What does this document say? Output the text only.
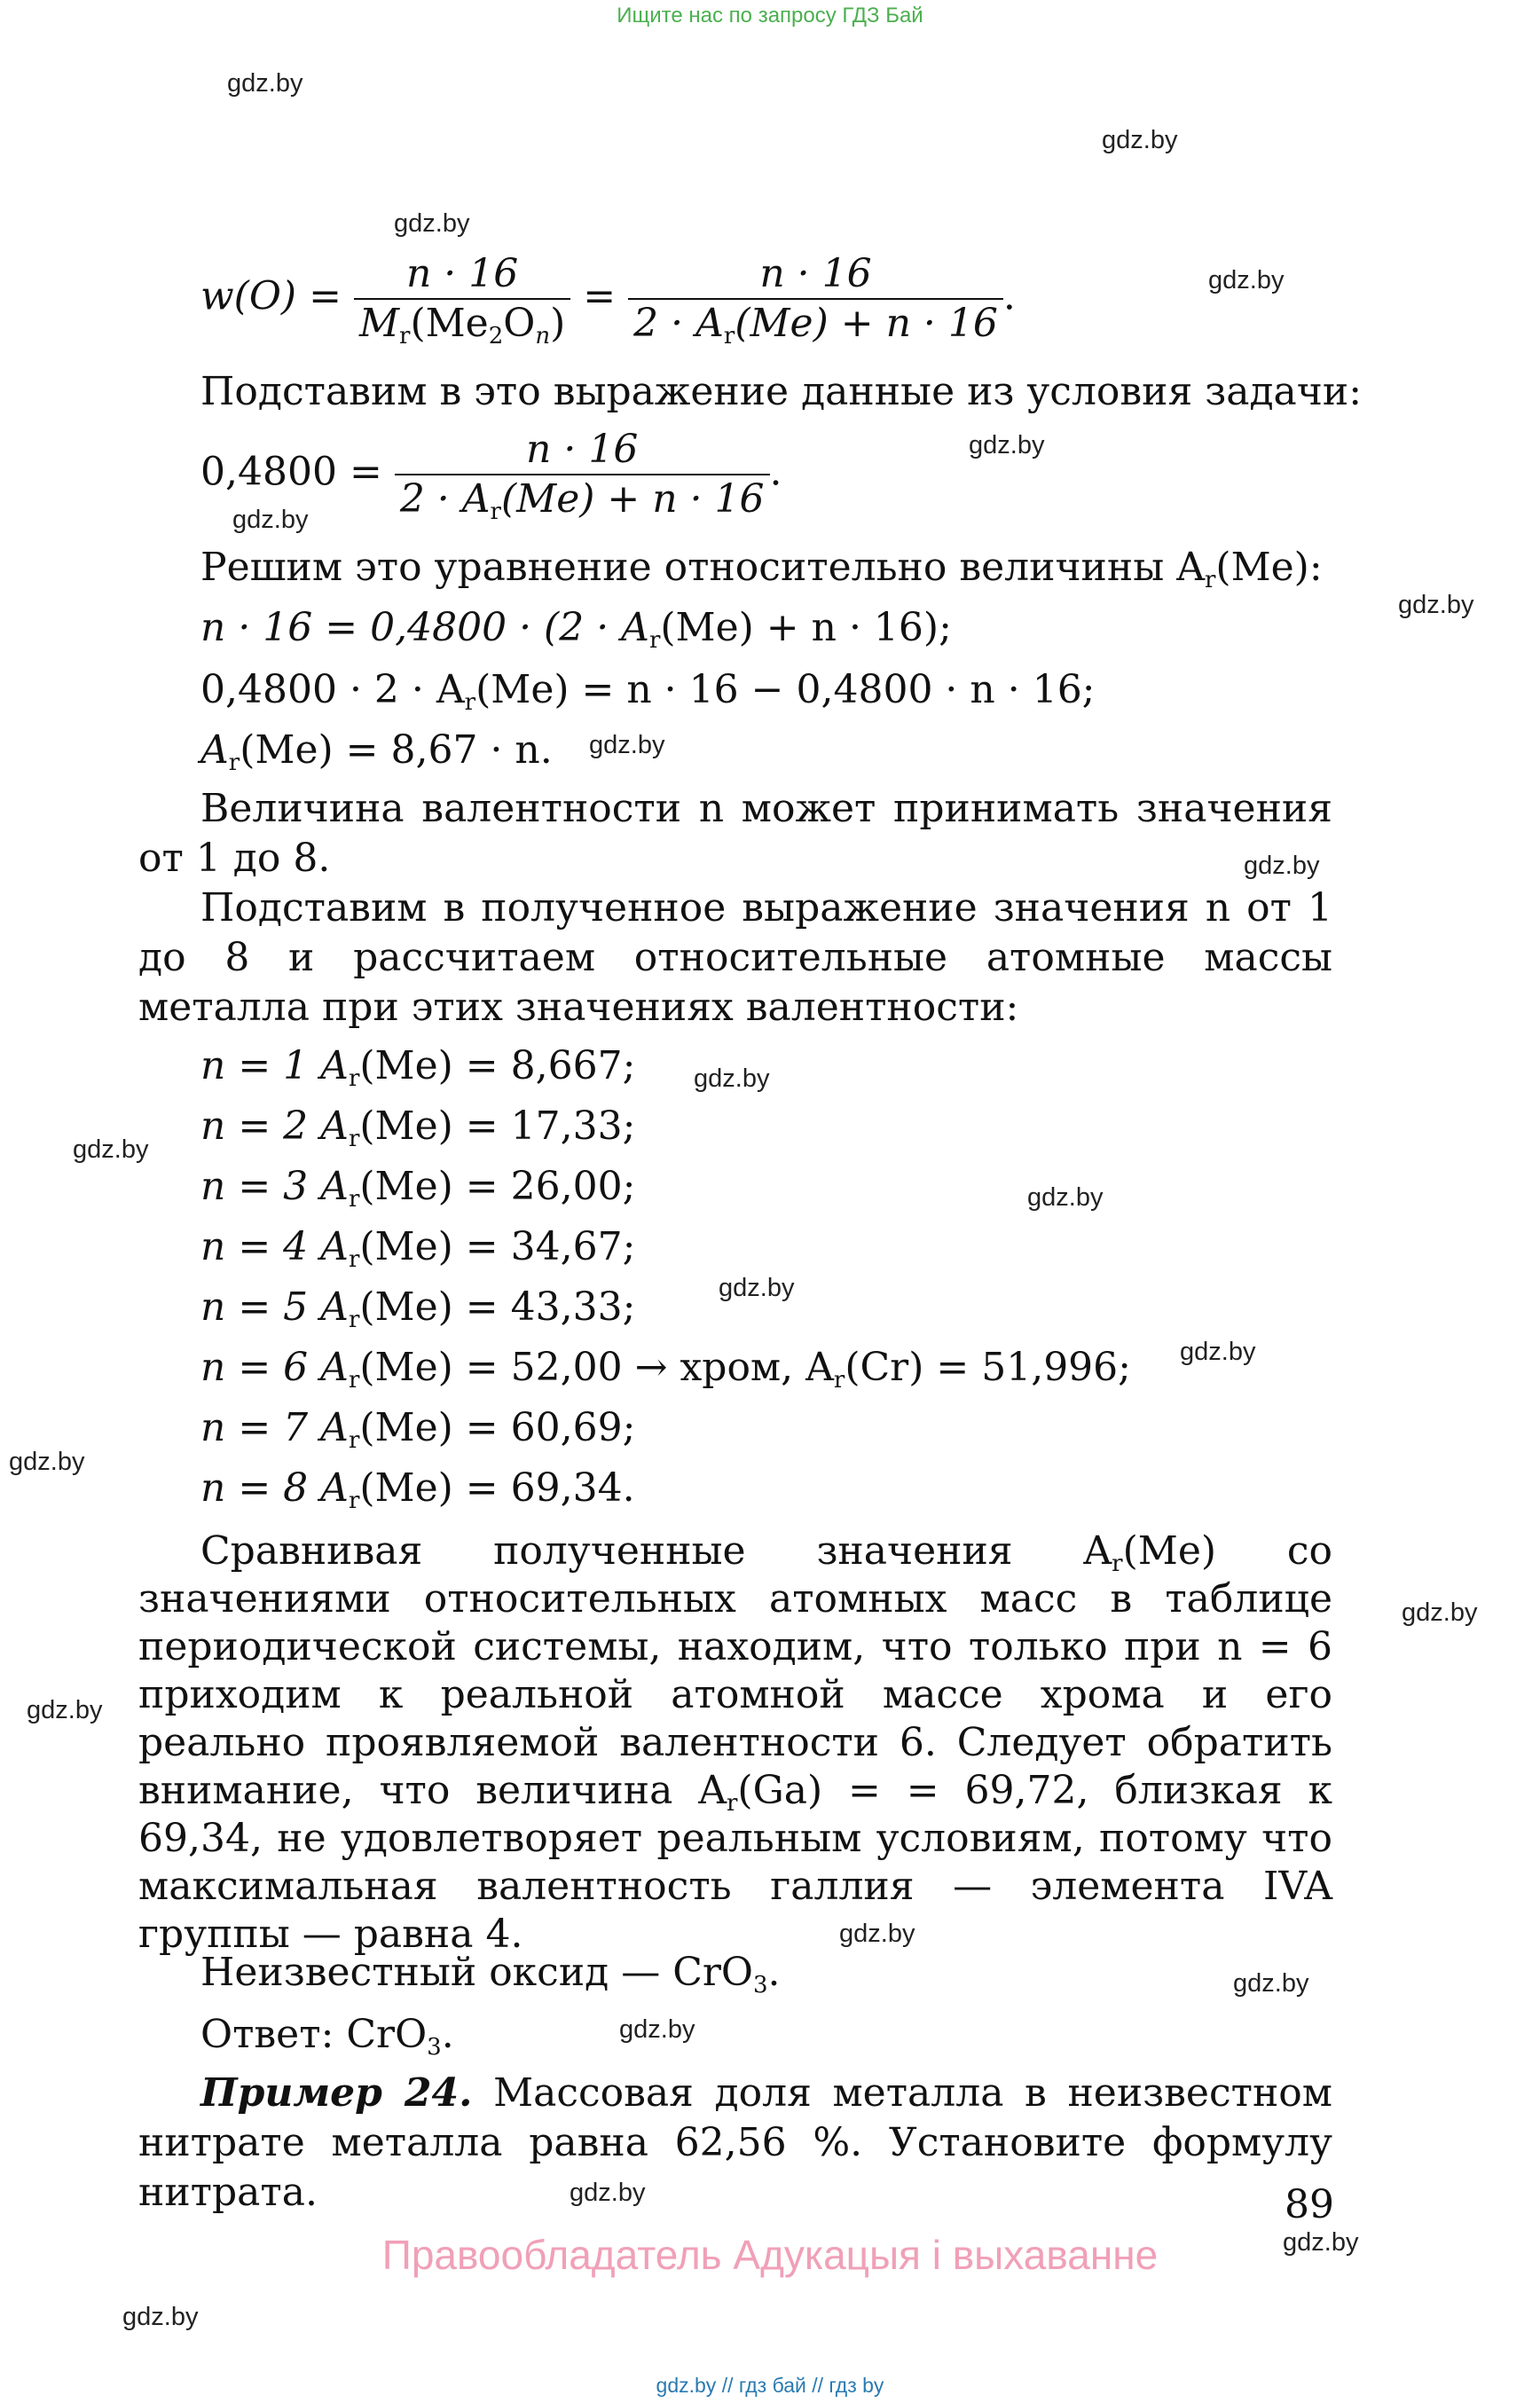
Ищите нас по запросу ГДЗ Бай
gdz.by
gdz.by
gdz.by
gdz.by
gdz.by
gdz.by
gdz.by
gdz.by
gdz.by
gdz.by
gdz.by
gdz.by
gdz.by
gdz.by
gdz.by
gdz.by
gdz.by
gdz.by
gdz.by
gdz.by
gdz.by
gdz.by
gdz.by
$w(O) = \frac{n \cdot 16}{M_r(Me_2O_n)} = \frac{n \cdot 16}{2 \cdot A_r(Me) + n \cdot 16}$ .
Подставим в это выражение данные из условия задачи:
$0,4800 = \frac{n \cdot 16}{2 \cdot A_r(Me) + n \cdot 16}$ .
Решим это уравнение относительно величины $A_r(Me)$:
$n \cdot 16 = 0,4800 \cdot (2 \cdot A_r(Me) + n \cdot 16)$;
$0,4800 \cdot 2 \cdot A_r(Me) = n \cdot 16 - 0,4800 \cdot n \cdot 16$;
$A_r(Me) = 8,67 \cdot n$.
Величина валентности n может принимать значения от 1 до 8.
Подставим в полученное выражение значения n от 1 до 8 и рассчитаем относительные атомные массы металла при этих значениях валентности:
n = 1 $A_r(Me) = 8,667$;
n = 2 $A_r(Me) = 17,33$;
n = 3 $A_r(Me) = 26,00$;
n = 4 $A_r(Me) = 34,67$;
n = 5 $A_r(Me) = 43,33$;
n = 6 $A_r(Me) = 52,00$ → хром, $A_r(Cr) = 51,996$;
n = 7 $A_r(Me) = 60,69$;
n = 8 $A_r(Me) = 69,34$.
Сравнивая полученные значения $A_r(Me)$ со значениями относительных атомных масс в таблице периодической системы, находим, что только при n = 6 приходим к реальной атомной массе хрома и его реально проявляемой валентности 6. Следует обратить внимание, что величина $A_r(Ga)$ = = 69,72, близкая к 69,34, не удовлетворяет реальным условиям, потому что максимальная валентность галлия — элемента IVA группы — равна 4.
Неизвестный оксид — CrO$_3$.
Ответ: CrO$_3$.
Пример 24. Массовая доля металла в неизвестном нитрате металла равна 62,56 %. Установите формулу нитрата.	89
Правообладатель Адукацыя і выхаванне
gdz.by // гдз бай // гдз by
